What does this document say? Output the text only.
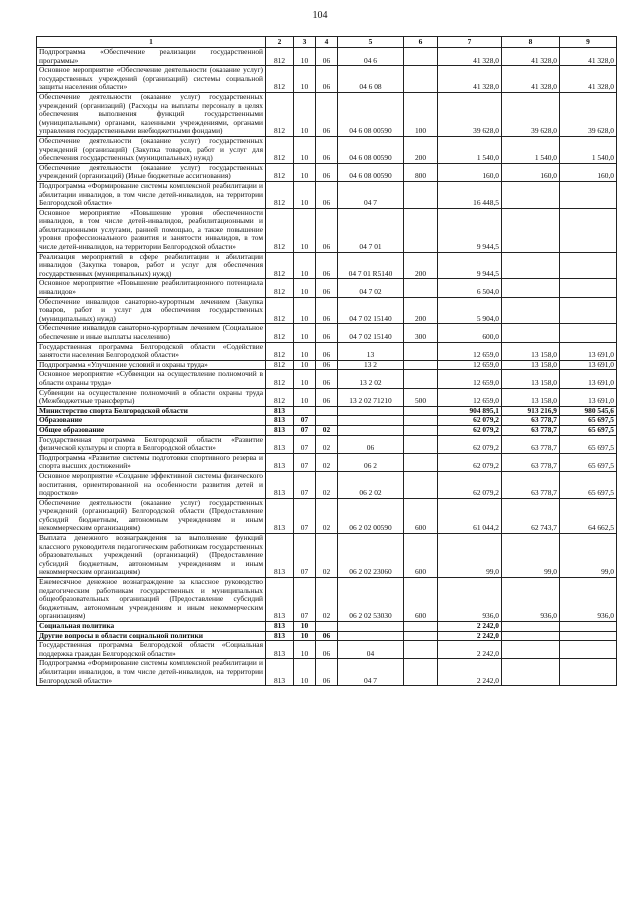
104
1	2	3	4	5	6	7	8	9
Подпрограмма «Обеспечение реализации государственной программы»	812	10	06	04 6		41 328,0	41 328,0	41 328,0
Основное мероприятие «Обеспечение деятельности (оказание услуг) государственных учреждений (организаций) системы социальной защиты населения области»	812	10	06	04 6 08		41 328,0	41 328,0	41 328,0
Обеспечение деятельности (оказание услуг) государственных учреждений (организаций) (Расходы на выплаты персоналу в целях обеспечения выполнения функций государственными (муниципальными) органами, казенными учреждениями, органами управления государственными внебюджетными фондами)	812	10	06	04 6 08 00590	100	39 628,0	39 628,0	39 628,0
Обеспечение деятельности (оказание услуг) государственных учреждений (организаций) (Закупка товаров, работ и услуг для обеспечения государственных (муниципальных) нужд)	812	10	06	04 6 08 00590	200	1 540,0	1 540,0	1 540,0
Обеспечение деятельности (оказание услуг) государственных учреждений (организаций) (Иные бюджетные ассигнования)	812	10	06	04 6 08 00590	800	160,0	160,0	160,0
Подпрограмма «Формирование системы комплексной реабилитации и абилитации инвалидов, в том числе детей-инвалидов, на территории Белгородской области»	812	10	06	04 7		16 448,5		
Основное мероприятие «Повышение уровня обеспеченности инвалидов, в том числе детей-инвалидов, реабилитационными и абилитационными услугами, ранней помощью, а также повышение уровня профессионального развития и занятости инвалидов, в том числе детей-инвалидов, на территории Белгородской области»	812	10	06	04 7 01		9 944,5		
Реализация мероприятий в сфере реабилитации и абилитации инвалидов (Закупка товаров, работ и услуг для обеспечения государственных (муниципальных) нужд)	812	10	06	04 7 01 R5140	200	9 944,5		
Основное мероприятие «Повышение реабилитационного потенциала инвалидов»	812	10	06	04 7 02		6 504,0		
Обеспечение инвалидов санаторно-курортным лечением (Закупка товаров, работ и услуг для обеспечения государственных (муниципальных) нужд)	812	10	06	04 7 02 15140	200	5 904,0		
Обеспечение инвалидов санаторно-курортным лечением (Социальное обеспечение и иные выплаты населению)	812	10	06	04 7 02 15140	300	600,0		
Государственная программа Белгородской области «Содействие занятости населения Белгородской области»	812	10	06	13		12 659,0	13 158,0	13 691,0
Подпрограмма «Улучшение условий и охраны труда»	812	10	06	13 2		12 659,0	13 158,0	13 691,0
Основное мероприятие «Субвенции на осуществление полномочий в области охраны труда»	812	10	06	13 2 02		12 659,0	13 158,0	13 691,0
Субвенции на осуществление полномочий в области охраны труда (Межбюджетные трансферты)	812	10	06	13 2 02 71210	500	12 659,0	13 158,0	13 691,0
Министерство спорта Белгородской области	813					904 895,1	913 216,9	980 545,6
Образование	813	07				62 079,2	63 778,7	65 697,5
Общее образование	813	07	02			62 079,2	63 778,7	65 697,5
Государственная программа Белгородской области «Развитие физической культуры и спорта в Белгородской области»	813	07	02	06		62 079,2	63 778,7	65 697,5
Подпрограмма «Развитие системы подготовки спортивного резерва и спорта высших достижений»	813	07	02	06 2		62 079,2	63 778,7	65 697,5
Основное мероприятие «Создание эффективной системы физического воспитания, ориентированной на особенности развития детей и подростков»	813	07	02	06 2 02		62 079,2	63 778,7	65 697,5
Обеспечение деятельности (оказание услуг) государственных учреждений (организаций) Белгородской области (Предоставление субсидий бюджетным, автономным учреждениям и иным некоммерческим организациям)	813	07	02	06 2 02 00590	600	61 044,2	62 743,7	64 662,5
Выплата денежного вознаграждения за выполнение функций классного руководителя педагогическим работникам государственных образовательных учреждений (организаций) (Предоставление субсидий бюджетным, автономным учреждениям и иным некоммерческим организациям)	813	07	02	06 2 02 23060	600	99,0	99,0	99,0
Ежемесячное денежное вознаграждение за классное руководство педагогическим работникам государственных и муниципальных общеобразовательных организаций (Предоставление субсидий бюджетным, автономным учреждениям и иным некоммерческим организациям)	813	07	02	06 2 02 53030	600	936,0	936,0	936,0
Социальная политика	813	10				2 242,0		
Другие вопросы в области социальной политики	813	10	06			2 242,0		
Государственная программа Белгородской области «Социальная поддержка граждан Белгородской области»	813	10	06	04		2 242,0		
Подпрограмма «Формирование системы комплексной реабилитации и абилитации инвалидов, в том числе детей-инвалидов, на территории Белгородской области»	813	10	06	04 7		2 242,0		
